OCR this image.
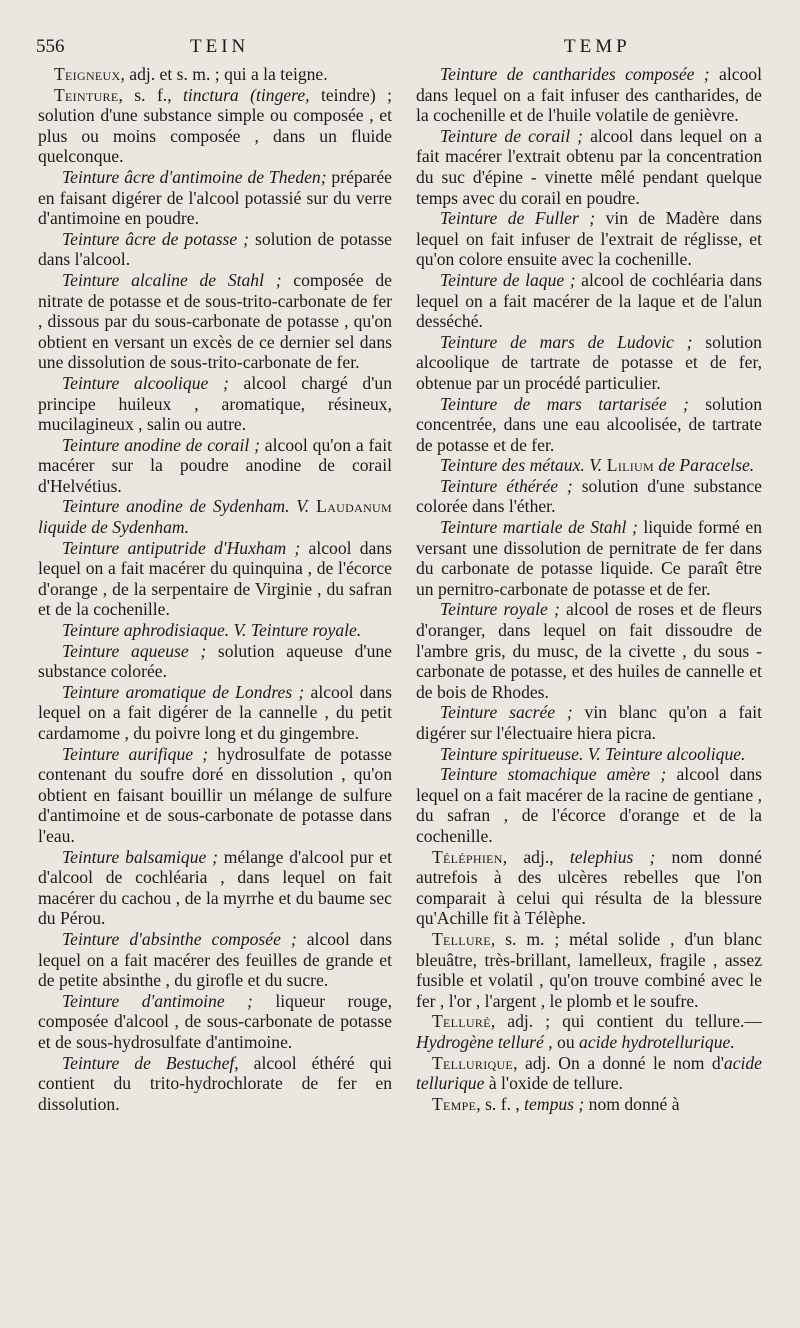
556	TEIN	TEMP

Teigneux, adj. et s. m. ; qui a la teigne.

Teinture, s. f., tinctura (tingere, teindre) ; solution d'une substance simple ou composée , et plus ou moins composée , dans un fluide quelconque.

Teinture âcre d'antimoine de Theden; préparée en faisant digérer de l'alcool potassié sur du verre d'antimoine en poudre.

Teinture âcre de potasse ; solution de potasse dans l'alcool.

Teinture alcaline de Stahl ; composée de nitrate de potasse et de sous-trito-carbonate de fer , dissous par du sous-carbonate de potasse , qu'on obtient en versant un excès de ce dernier sel dans une dissolution de sous-trito-carbonate de fer.

Teinture alcoolique ; alcool chargé d'un principe huileux , aromatique, résineux, mucilagineux , salin ou autre.

Teinture anodine de corail ; alcool qu'on a fait macérer sur la poudre anodine de corail d'Helvétius.

Teinture anodine de Sydenham. V. Laudanum liquide de Sydenham.

Teinture antiputride d'Huxham ; alcool dans lequel on a fait macérer du quinquina , de l'écorce d'orange , de la serpentaire de Virginie , du safran et de la cochenille.

Teinture aphrodisiaque. V. Teinture royale.

Teinture aqueuse ; solution aqueuse d'une substance colorée.

Teinture aromatique de Londres ; alcool dans lequel on a fait digérer de la cannelle , du petit cardamome , du poivre long et du gingembre.

Teinture aurifique ; hydrosulfate de potasse contenant du soufre doré en dissolution , qu'on obtient en faisant bouillir un mélange de sulfure d'antimoine et de sous-carbonate de potasse dans l'eau.

Teinture balsamique ; mélange d'alcool pur et d'alcool de cochléaria , dans lequel on fait macérer du cachou , de la myrrhe et du baume sec du Pérou.

Teinture d'absinthe composée ; alcool dans lequel on a fait macérer des feuilles de grande et de petite absinthe , du girofle et du sucre.

Teinture d'antimoine ; liqueur rouge, composée d'alcool , de sous-carbonate de potasse et de sous-hydrosulfate d'antimoine.

Teinture de Bestuchef, alcool éthéré qui contient du trito-hydrochlorate de fer en dissolution.

Teinture de cantharides composée ; alcool dans lequel on a fait infuser des cantharides, de la cochenille et de l'huile volatile de genièvre.

Teinture de corail ; alcool dans lequel on a fait macérer l'extrait obtenu par la concentration du suc d'épine - vinette mêlé pendant quelque temps avec du corail en poudre.

Teinture de Fuller ; vin de Madère dans lequel on fait infuser de l'extrait de réglisse, et qu'on colore ensuite avec la cochenille.

Teinture de laque ; alcool de cochléaria dans lequel on a fait macérer de la laque et de l'alun desséché.

Teinture de mars de Ludovic ; solution alcoolique de tartrate de potasse et de fer, obtenue par un procédé particulier.

Teinture de mars tartarisée ; solution concentrée, dans une eau alcoolisée, de tartrate de potasse et de fer.

Teinture des métaux. V. Lilium de Paracelse.

Teinture éthérée ; solution d'une substance colorée dans l'éther.

Teinture martiale de Stahl ; liquide formé en versant une dissolution de pernitrate de fer dans du carbonate de potasse liquide. Ce paraît être un pernitro-carbonate de potasse et de fer.

Teinture royale ; alcool de roses et de fleurs d'oranger, dans lequel on fait dissoudre de l'ambre gris, du musc, de la civette , du sous - carbonate de potasse, et des huiles de cannelle et de bois de Rhodes.

Teinture sacrée ; vin blanc qu'on a fait digérer sur l'électuaire hiera picra.

Teinture spiritueuse. V. Teinture alcoolique.

Teinture stomachique amère ; alcool dans lequel on a fait macérer de la racine de gentiane , du safran , de l'écorce d'orange et de la cochenille.

Téléphien, adj., telephius ; nom donné autrefois à des ulcères rebelles que l'on comparait à celui qui résulta de la blessure qu'Achille fit à Télèphe.

Tellure, s. m. ; métal solide , d'un blanc bleuâtre, très-brillant, lamelleux, fragile , assez fusible et volatil , qu'on trouve combiné avec le fer , l'or , l'argent , le plomb et le soufre.

Telluré, adj. ; qui contient du tellure.—Hydrogène telluré , ou acide hydrotellurique.

Tellurique, adj. On a donné le nom d'acide tellurique à l'oxide de tellure.

Tempe, s. f. , tempus ; nom donné à
